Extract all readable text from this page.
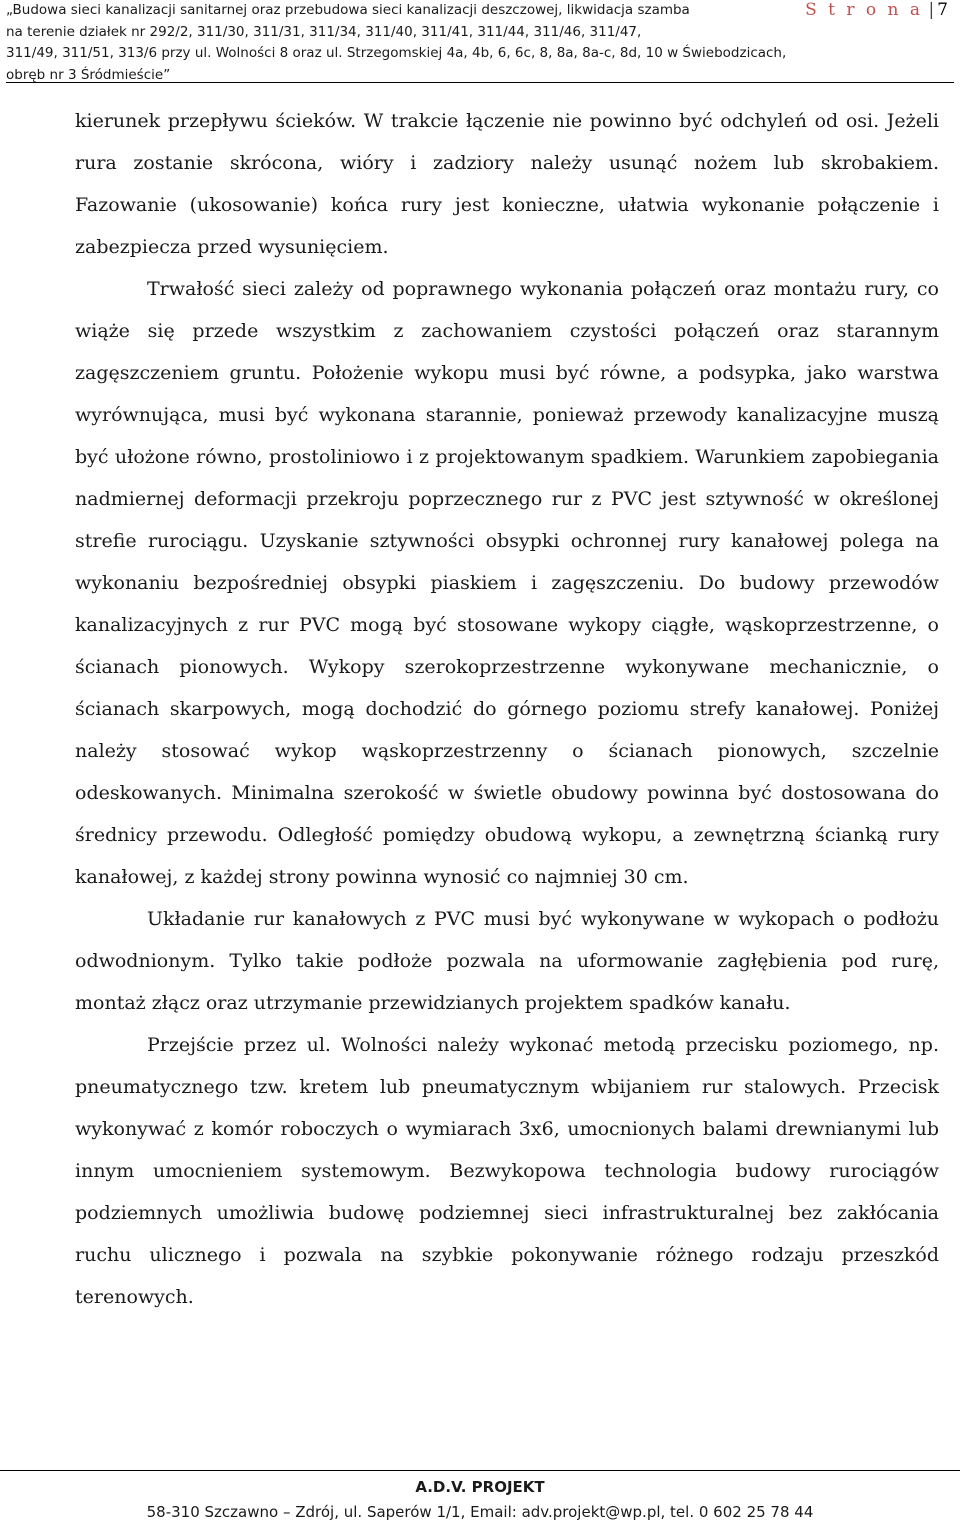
„Budowa sieci kanalizacji sanitarnej oraz przebudowa sieci kanalizacji deszczowej, likwidacja szamba
na terenie działek nr 292/2, 311/30, 311/31, 311/34, 311/40, 311/41, 311/44, 311/46, 311/47,
311/49, 311/51, 313/6 przy ul. Wolności 8 oraz ul. Strzegomskiej 4a, 4b, 6, 6c, 8, 8a, 8a-c, 8d, 10 w Świebodzicach,
obręb nr 3 Śródmieście”
S t r o n a | 7

kierunek przepływu ścieków. W trakcie łączenie nie powinno być odchyleń od osi. Jeżeli rura zostanie skrócona, wióry i zadziory należy usunąć nożem lub skrobakiem. Fazowanie (ukosowanie) końca rury jest konieczne, ułatwia wykonanie połączenie i zabezpiecza przed wysunięciem.

Trwałość sieci zależy od poprawnego wykonania połączeń oraz montażu rury, co wiąże się przede wszystkim z zachowaniem czystości połączeń oraz starannym zagęszczeniem gruntu. Położenie wykopu musi być równe, a podsypka, jako warstwa wyrównująca, musi być wykonana starannie, ponieważ przewody kanalizacyjne muszą być ułożone równo, prostoliniowo i z projektowanym spadkiem. Warunkiem zapobiegania nadmiernej deformacji przekroju poprzecznego rur z PVC jest sztywność w określonej strefie rurociągu. Uzyskanie sztywności obsypki ochronnej rury kanałowej polega na wykonaniu bezpośredniej obsypki piaskiem i zagęszczeniu. Do budowy przewodów kanalizacyjnych z rur PVC mogą być stosowane wykopy ciągłe, wąskoprzestrzenne, o ścianach pionowych. Wykopy szerokoprzestrzenne wykonywane mechanicznie, o ścianach skarpowych, mogą dochodzić do górnego poziomu strefy kanałowej. Poniżej należy stosować wykop wąskoprzestrzenny o ścianach pionowych, szczelnie odeskowanych. Minimalna szerokość w świetle obudowy powinna być dostosowana do średnicy przewodu. Odległość pomiędzy obudową wykopu, a zewnętrzną ścianką rury kanałowej, z każdej strony powinna wynosić co najmniej 30 cm.

Układanie rur kanałowych z PVC musi być wykonywane w wykopach o podłożu odwodnionym. Tylko takie podłoże pozwala na uformowanie zagłębienia pod rurę, montaż złącz oraz utrzymanie przewidzianych projektem spadków kanału.

Przejście przez ul. Wolności należy wykonać metodą przecisku poziomego, np. pneumatycznego tzw. kretem lub pneumatycznym wbijaniem rur stalowych. Przecisk wykonywać z komór roboczych o wymiarach 3x6, umocnionych balami drewnianymi lub innym umocnieniem systemowym. Bezwykopowa technologia budowy rurociągów podziemnych umożliwia budowę podziemnej sieci infrastrukturalnej bez zakłócania ruchu ulicznego i pozwala na szybkie pokonywanie różnego rodzaju przeszkód terenowych.

A.D.V. PROJEKT
58-310 Szczawno – Zdrój, ul. Saperów 1/1, Email: adv.projekt@wp.pl, tel. 0 602 25 78 44
